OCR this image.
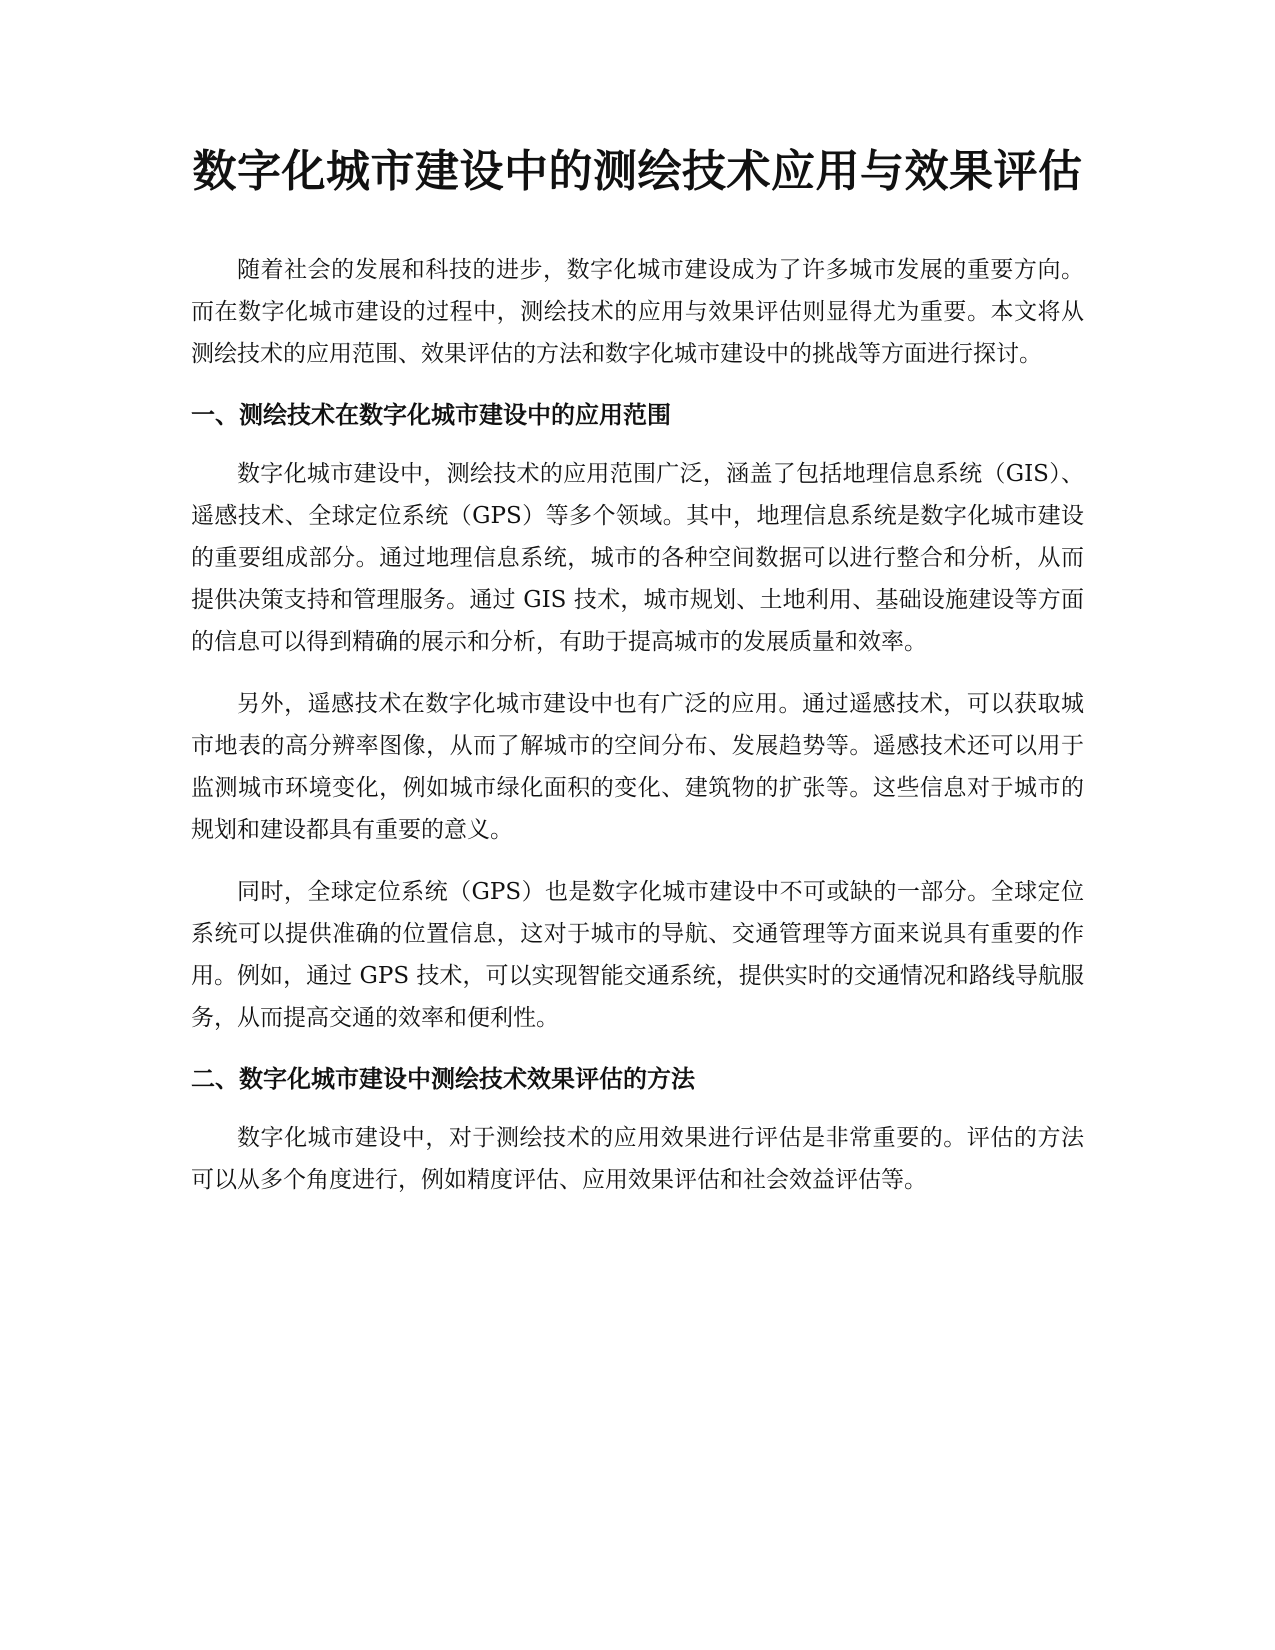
数字化城市建设中的测绘技术应用与效果评估

随着社会的发展和科技的进步，数字化城市建设成为了许多城市发展的重要方向。而在数字化城市建设的过程中，测绘技术的应用与效果评估则显得尤为重要。本文将从测绘技术的应用范围、效果评估的方法和数字化城市建设中的挑战等方面进行探讨。

一、测绘技术在数字化城市建设中的应用范围

数字化城市建设中，测绘技术的应用范围广泛，涵盖了包括地理信息系统（GIS）、遥感技术、全球定位系统（GPS）等多个领域。其中，地理信息系统是数字化城市建设的重要组成部分。通过地理信息系统，城市的各种空间数据可以进行整合和分析，从而提供决策支持和管理服务。通过 GIS 技术，城市规划、土地利用、基础设施建设等方面的信息可以得到精确的展示和分析，有助于提高城市的发展质量和效率。

另外，遥感技术在数字化城市建设中也有广泛的应用。通过遥感技术，可以获取城市地表的高分辨率图像，从而了解城市的空间分布、发展趋势等。遥感技术还可以用于监测城市环境变化，例如城市绿化面积的变化、建筑物的扩张等。这些信息对于城市的规划和建设都具有重要的意义。

同时，全球定位系统（GPS）也是数字化城市建设中不可或缺的一部分。全球定位系统可以提供准确的位置信息，这对于城市的导航、交通管理等方面来说具有重要的作用。例如，通过 GPS 技术，可以实现智能交通系统，提供实时的交通情况和路线导航服务，从而提高交通的效率和便利性。

二、数字化城市建设中测绘技术效果评估的方法

数字化城市建设中，对于测绘技术的应用效果进行评估是非常重要的。评估的方法可以从多个角度进行，例如精度评估、应用效果评估和社会效益评估等。
